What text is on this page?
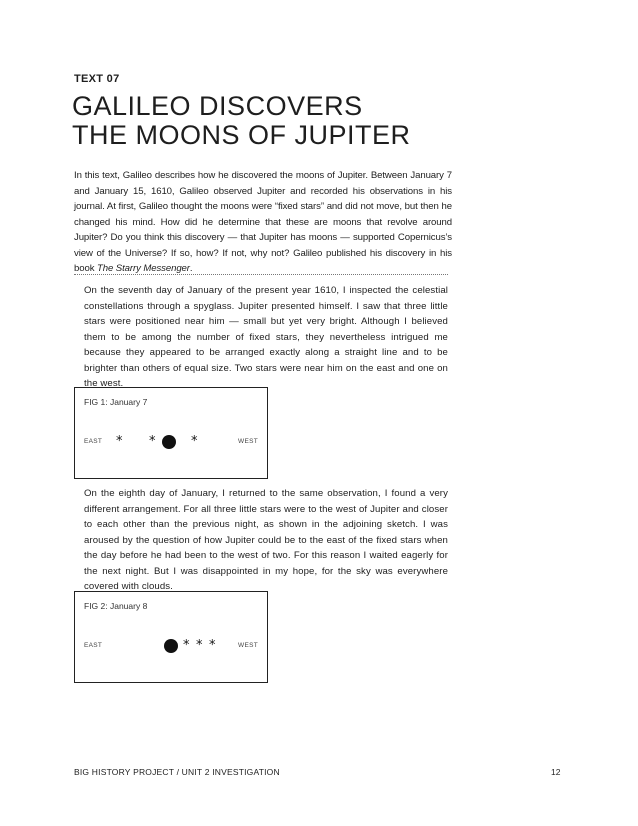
TEXT 07
GALILEO DISCOVERS
THE MOONS OF JUPITER

In this text, Galileo describes how he discovered the moons of Jupiter. Between January 7 and January 15, 1610, Galileo observed Jupiter and recorded his observations in his journal. At first, Galileo thought the moons were “fixed stars” and did not move, but then he changed his mind. How did he determine that these are moons that revolve around Jupiter? Do you think this discovery — that Jupiter has moons — supported Copernicus’s view of the Universe? If so, how? If not, why not? Galileo published his discovery in his book The Starry Messenger.

On the seventh day of January of the present year 1610, I inspected the celestial constellations through a spyglass. Jupiter presented himself. I saw that three little stars were positioned near him — small but yet very bright. Although I believed them to be among the number of fixed stars, they nevertheless intrigued me because they appeared to be arranged exactly along a straight line and to be brighter than others of equal size. Two stars were near him on the east and one on the west.

FIG 1: January 7
EAST * *	*	WEST

On the eighth day of January, I returned to the same observation, I found a very different arrangement. For all three little stars were to the west of Jupiter and closer to each other than the previous night, as shown in the adjoining sketch. I was aroused by the question of how Jupiter could be to the east of the fixed stars when the day before he had been to the west of two. For this reason I waited eagerly for the next night. But I was disappointed in my hope, for the sky was everywhere covered with clouds.

FIG 2: January 8
EAST	* * *	WEST
BIG HISTORY PROJECT / UNIT 2 INVESTIGATION	12
